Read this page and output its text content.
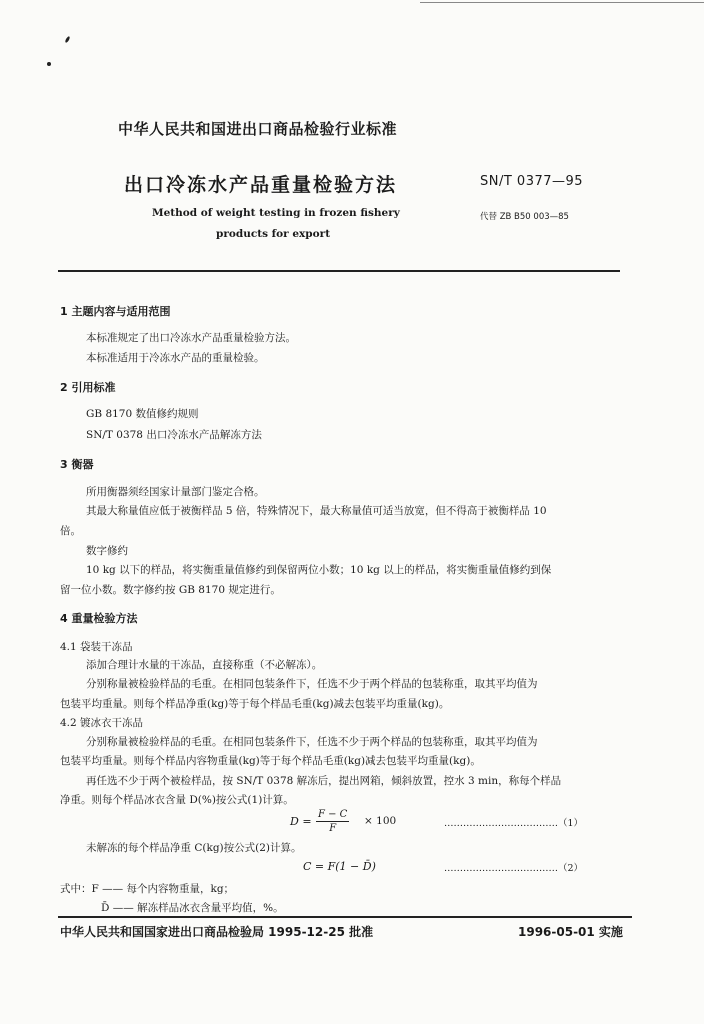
中华人民共和国进出口商品检验行业标准
出口冷冻水产品重量检验方法	SN/T 0377—95
Method of weight testing in frozen fishery
products for export
代替 ZB B50 003—85
1 主题内容与适用范围
本标准规定了出口冷冻水产品重量检验方法。
本标准适用于冷冻水产品的重量检验。
2 引用标准
GB 8170 数值修约规则
SN/T 0378 出口冷冻水产品解冻方法
3 衡器
所用衡器须经国家计量部门鉴定合格。
其最大称量值应低于被衡样品 5 倍，特殊情况下，最大称量值可适当放宽，但不得高于被衡样品 10
倍。
数字修约
10 kg 以下的样品，将实衡重量值修约到保留两位小数；10 kg 以上的样品，将实衡重量值修约到保
留一位小数。数字修约按 GB 8170 规定进行。
4 重量检验方法
4.1 袋装干冻品
添加合理计水量的干冻品，直接称重（不必解冻）。
分别称量被检验样品的毛重。在相同包装条件下，任选不少于两个样品的包装称重，取其平均值为
包装平均重量。则每个样品净重(kg)等于每个样品毛重(kg)减去包装平均重量(kg)。
4.2 镀冰衣干冻品
分别称量被检验样品的毛重。在相同包装条件下，任选不少于两个样品的包装称重，取其平均值为
包装平均重量。则每个样品内容物重量(kg)等于每个样品毛重(kg)减去包装平均重量(kg)。
再任选不少于两个被检样品，按 SN/T 0378 解冻后，提出网箱，倾斜放置，控水 3 min，称每个样品
净重。则每个样品冰衣含量 D(%)按公式(1)计算。
$D = \frac{F - C}{F} \times 100$	………………………………（1）
未解冻的每个样品净重 C(kg)按公式(2)计算。
C = F(1 − D̄)	………………………………（2）
式中：F —— 每个内容物重量，kg；
D̄ —— 解冻样品冰衣含量平均值，%。
中华人民共和国国家进出口商品检验局 1995-12-25 批准	1996-05-01 实施
